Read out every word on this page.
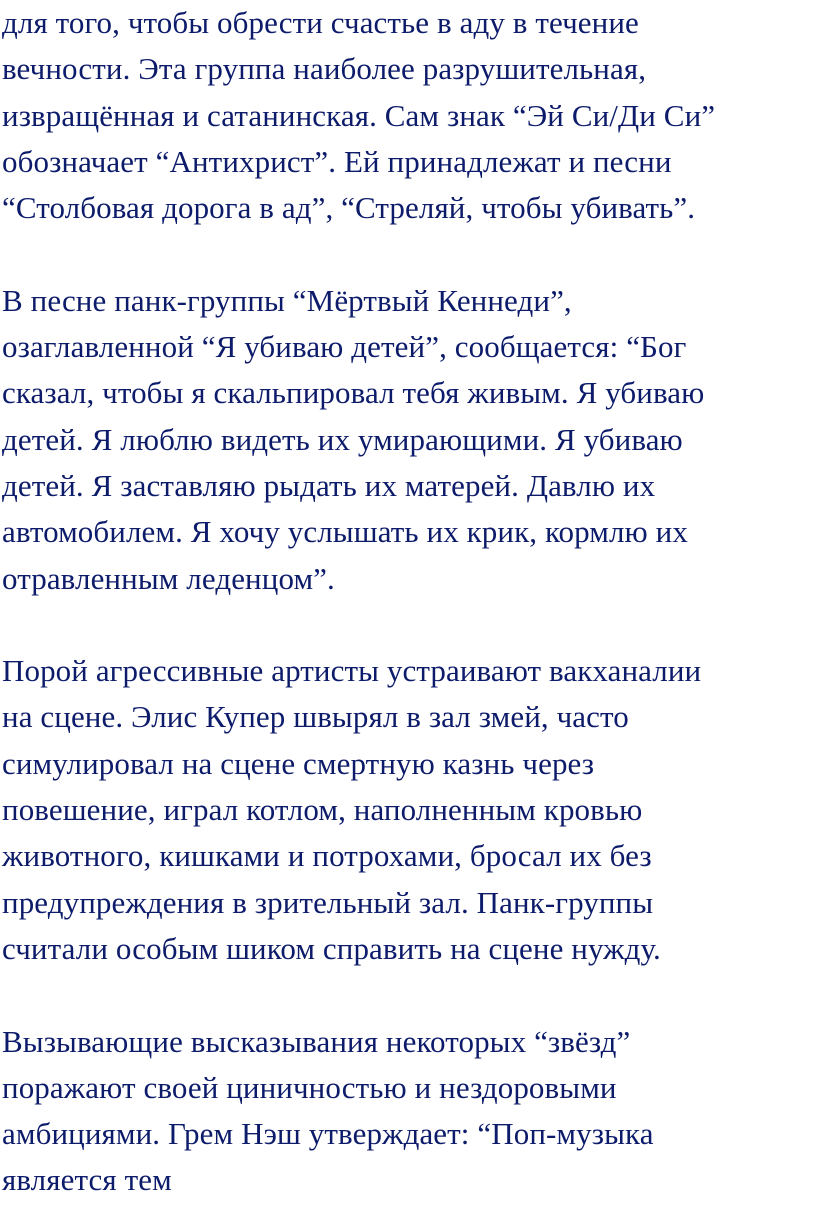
для того, чтобы обрести счастье в аду в течение
вечности. Эта группа наиболее разрушительная,
извращённая и сатанинская. Сам знак “Эй Си/Ди Си”
обозначает “Антихрист”. Ей принадлежат и песни
“Столбовая дорога в ад”, “Стреляй, чтобы убивать”.
В песне панк-группы “Мёртвый Кеннеди”,
озаглавленной “Я убиваю детей”, сообщается: “Бог
сказал, чтобы я скальпировал тебя живым. Я убиваю
детей. Я люблю видеть их умирающими. Я убиваю
детей. Я заставляю рыдать их матерей. Давлю их
автомобилем. Я хочу услышать их крик, кормлю их
отравленным леденцом”.
Порой агрессивные артисты устраивают вакханалии
на сцене. Элис Купер швырял в зал змей, часто
симулировал на сцене смертную казнь через
повешение, играл котлом, наполненным кровью
животного, кишками и потрохами, бросал их без
предупреждения в зрительный зал. Панк-группы
считали особым шиком справить на сцене нужду.
Вызывающие высказывания некоторых “звёзд”
поражают своей циничностью и нездоровыми
амбициями. Грем Нэш утверждает: “Поп-музыка
является тем
